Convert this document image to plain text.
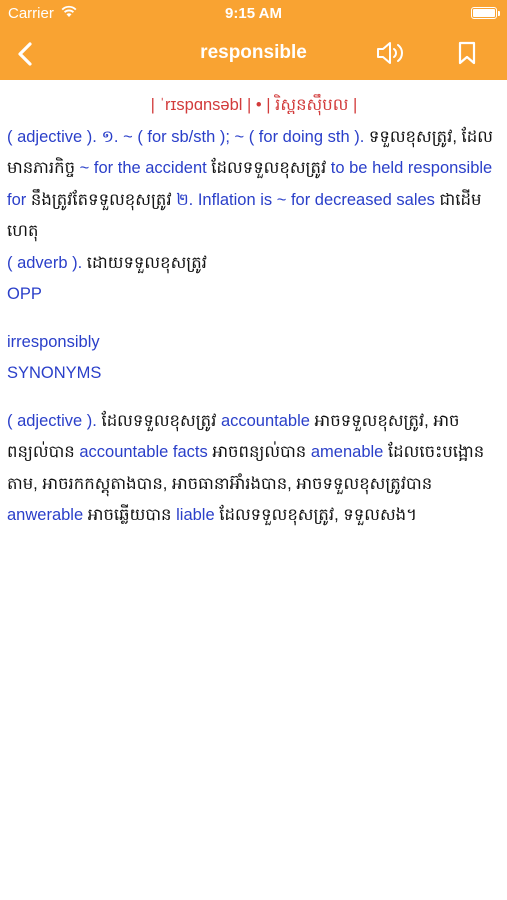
Carrier	9:15 AM
responsible

| ˈrɪspɑnsəbl | • | រិស្ពនស៊ឹបល |

( adjective ). ១. ~ ( for sb/sth ); ~ ( for doing sth ). ទទួលខុសត្រូវ, ដែលមានភារកិច្ច ~ for the accident ដែលទទួលខុសត្រូវ to be held responsible for នឹងត្រូវតែទទួលខុសត្រូវ ២. Inflation is ~ for decreased sales ជាដើមហេតុ

( adverb ). ដោយទទួលខុសត្រូវ

OPP

irresponsibly

SYNONYMS

( adjective ). ដែលទទួលខុសត្រូវ accountable អាចទទួលខុសត្រូវ, អាចពន្យល់បាន accountable facts អាចពន្យល់បាន amenable ដែលចេះបង្អោនតាម, អាចរកកស្តុតាងបាន, អាចធានាអ៊ាំរងបាន, អាចទទួលខុសត្រូវបាន anwerable អាចឆ្លើយបាន liable ដែលទទួលខុសត្រូវ, ទទួលសង។
